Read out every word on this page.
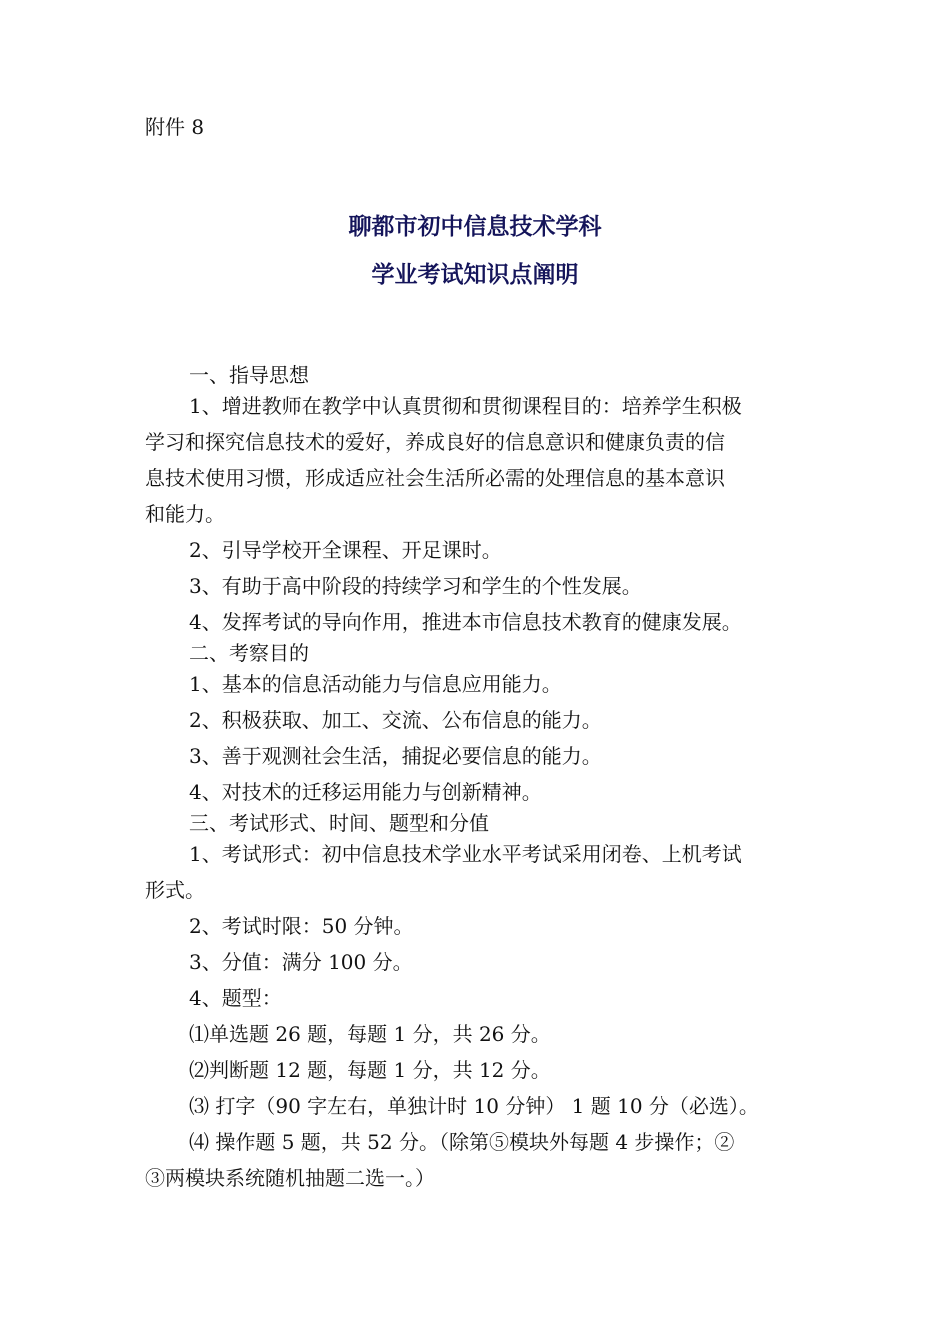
附件 8
聊都市初中信息技术学科
学业考试知识点阐明

一、指导思想

1、增进教师在教学中认真贯彻和贯彻课程目的：培养学生积极

学习和探究信息技术的爱好，养成良好的信息意识和健康负责的信

息技术使用习惯，形成适应社会生活所必需的处理信息的基本意识

和能力。

2、引导学校开全课程、开足课时。

3、有助于高中阶段的持续学习和学生的个性发展。

4、发挥考试的导向作用，推进本市信息技术教育的健康发展。

二、考察目的

1、基本的信息活动能力与信息应用能力。

2、积极获取、加工、交流、公布信息的能力。

3、善于观测社会生活，捕捉必要信息的能力。

4、对技术的迁移运用能力与创新精神。

三、考试形式、时间、题型和分值

1、考试形式：初中信息技术学业水平考试采用闭卷、上机考试

形式。

2、考试时限：50 分钟。

3、分值：满分 100 分。

4、题型：

⑴单选题 26 题，每题 1 分，共 26 分。

⑵判断题 12 题，每题 1 分，共 12 分。

⑶ 打字（90 字左右，单独计时 10 分钟） 1 题 10 分（必选）。

⑷ 操作题 5 题，共 52 分。（除第⑤模块外每题 4 步操作；②

③两模块系统随机抽题二选一。）
